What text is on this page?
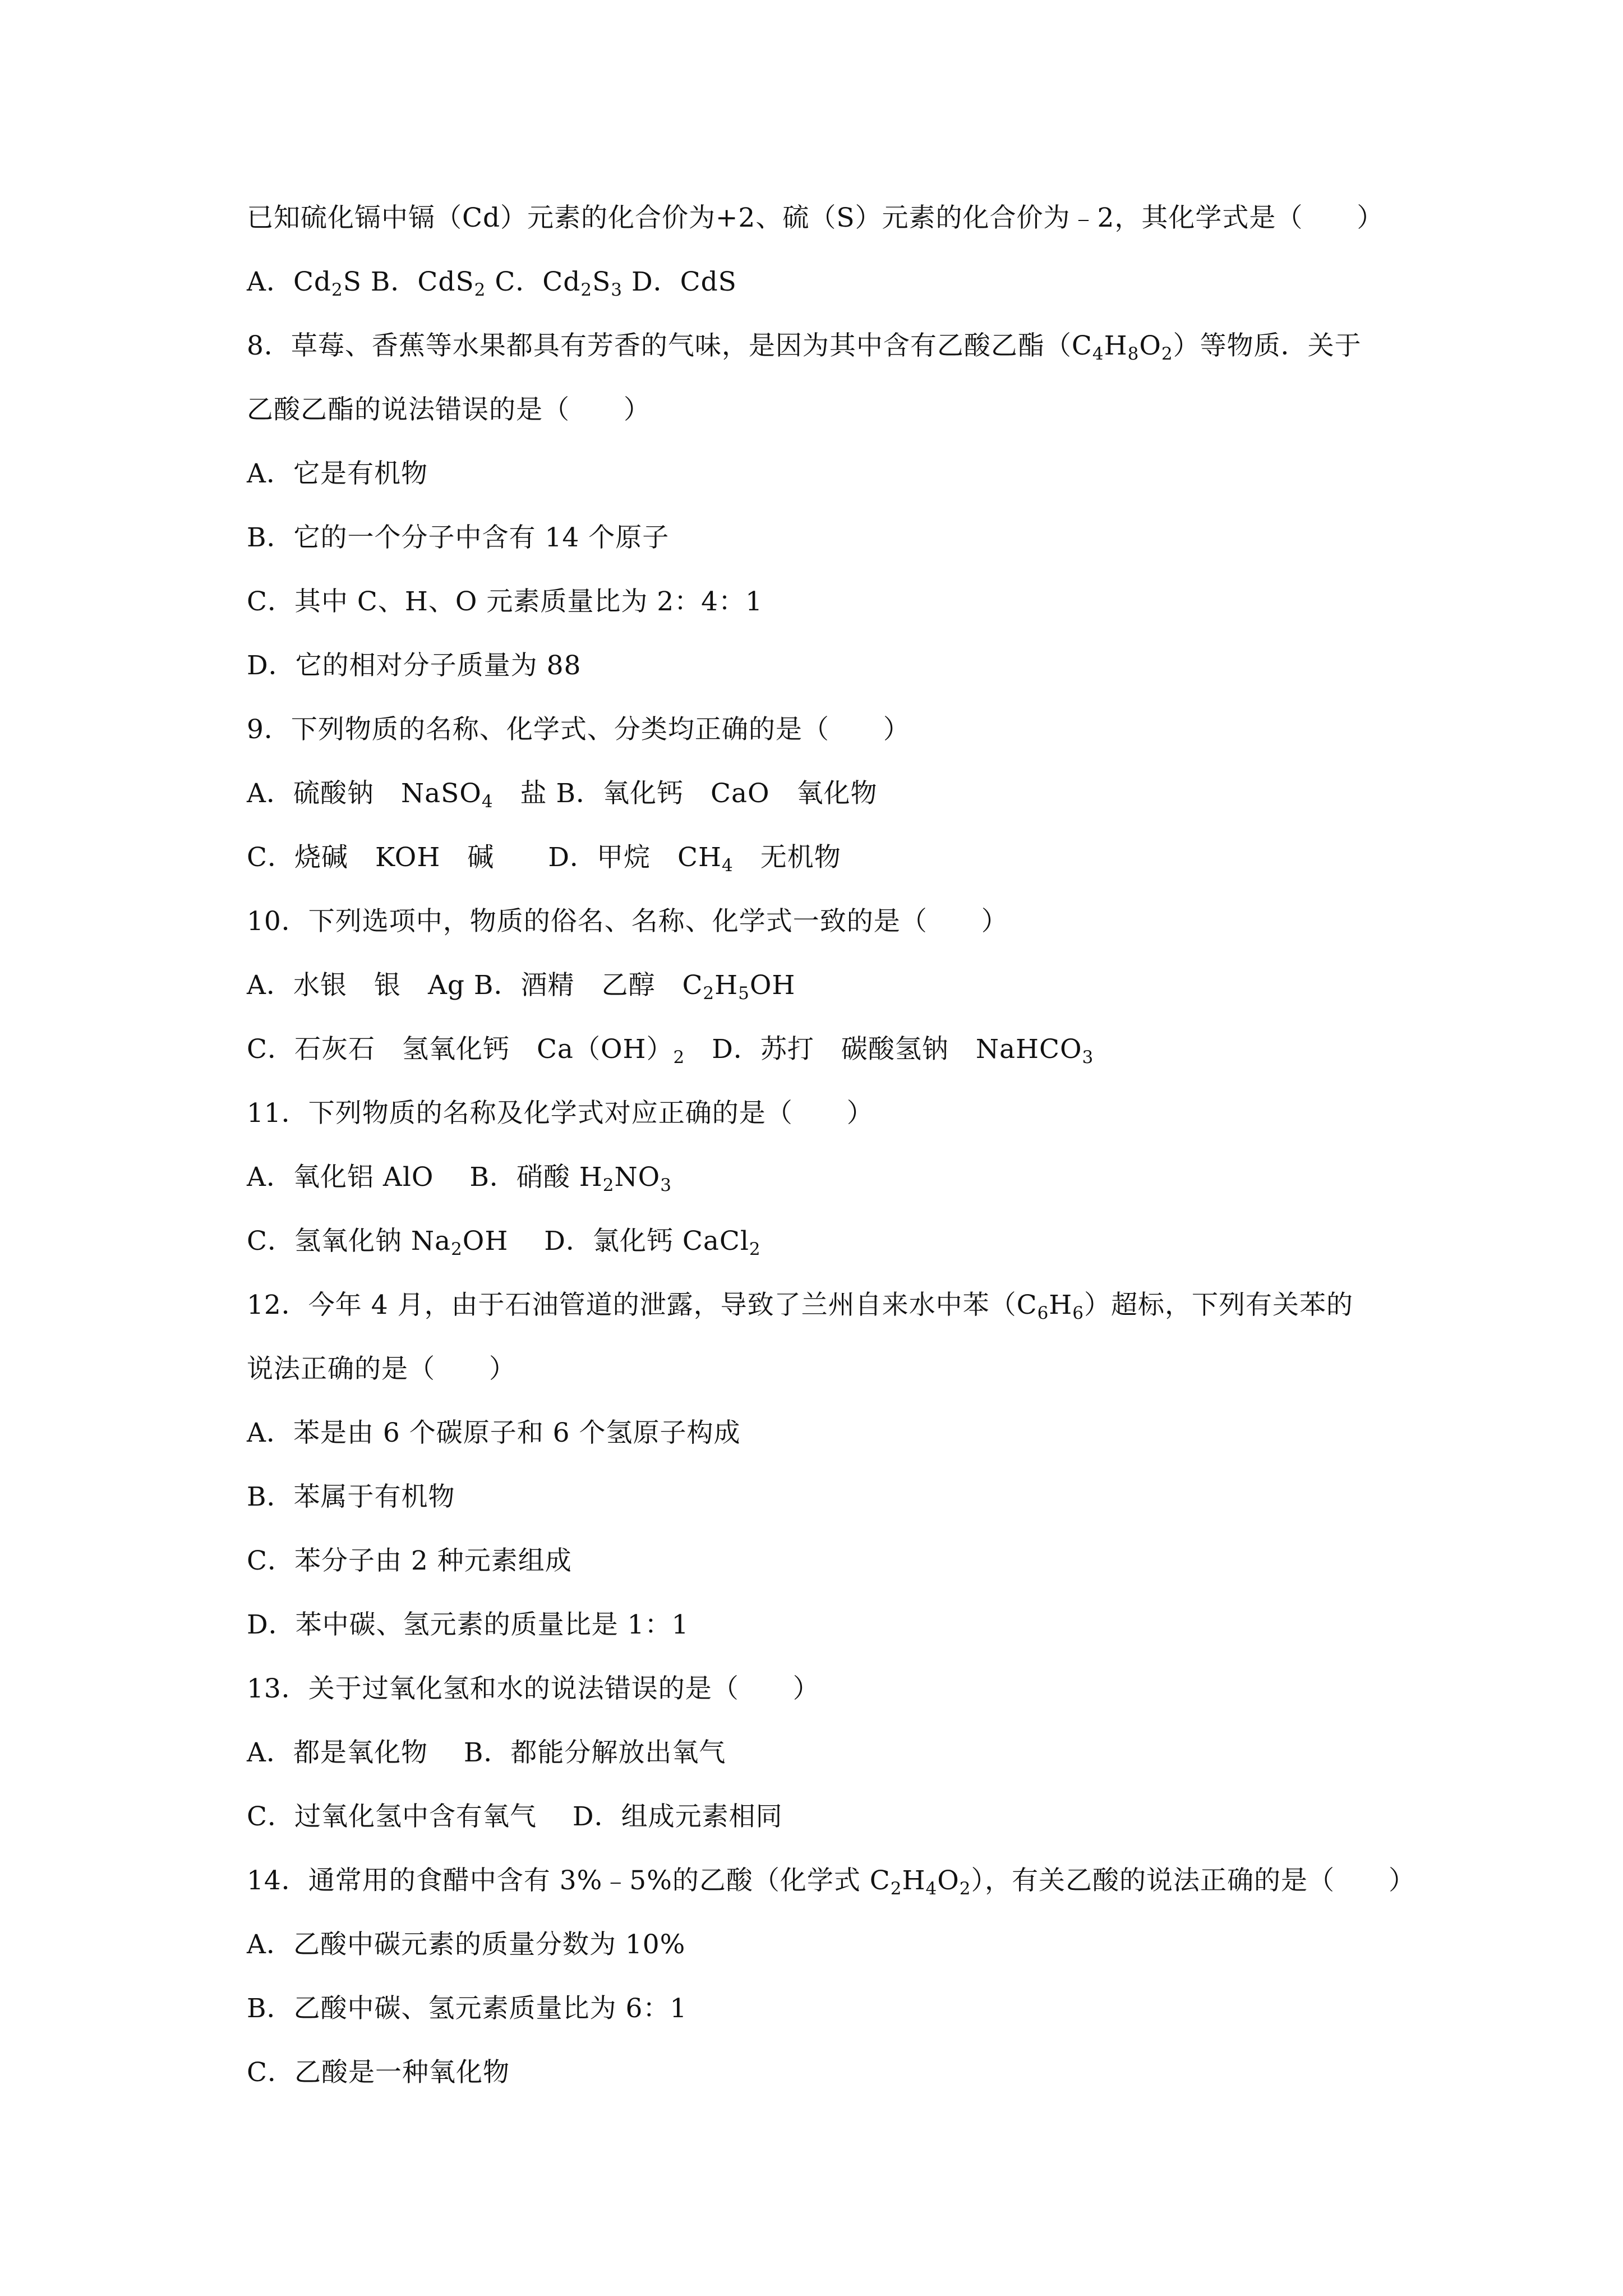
已知硫化镉中镉（Cd）元素的化合价为+2、硫（S）元素的化合价为﹣2，其化学式是（　　）
A．$Cd_2S$ B．CdS$_2$ C．$Cd_2S_3$ D．CdS
8．草莓、香蕉等水果都具有芳香的气味，是因为其中含有乙酸乙酯$(C_4H_8O_2)$等物质．关于
乙酸乙酯的说法错误的是（　　）
A．它是有机物
B．它的一个分子中含有 14 个原子
C．其中 C、H、O 元素质量比为 2：4：1
D．它的相对分子质量为 88
9．下列物质的名称、化学式、分类均正确的是（　　）
A．硫酸钠　NaSO$_4$　盐 B．氧化钙　CaO　氧化物
C．烧碱　KOH　碱　　D．甲烷　$CH_4$　无机物
10．下列选项中，物质的俗名、名称、化学式一致的是（　　）
A．水银　银　Ag B．酒精　乙醇　$C_2H_5OH$
C．石灰石　氢氧化钙　$Ca(OH)_2$　D．苏打　碳酸氢钠　NaHCO$_3$
11．下列物质的名称及化学式对应正确的是（　　）
A．氧化铝 AlO　 B．硝酸 $H_2NO_3$
C．氢氧化钠 $Na_2OH$　 D．氯化钙 CaCl$_2$
12．今年 4 月，由于石油管道的泄露，导致了兰州自来水中苯$(C_6H_6)$超标，下列有关苯的
说法正确的是（　　）
A．苯是由 6 个碳原子和 6 个氢原子构成
B．苯属于有机物
C．苯分子由 2 种元素组成
D．苯中碳、氢元素的质量比是 1：1
13．关于过氧化氢和水的说法错误的是（　　）
A．都是氧化物　 B．都能分解放出氧气
C．过氧化氢中含有氧气　 D．组成元素相同
14．通常用的食醋中含有 3%﹣5%的乙酸（化学式 $C_2H_4O_2$），有关乙酸的说法正确的是（　　）
A．乙酸中碳元素的质量分数为 10%
B．乙酸中碳、氢元素质量比为 6：1
C．乙酸是一种氧化物
